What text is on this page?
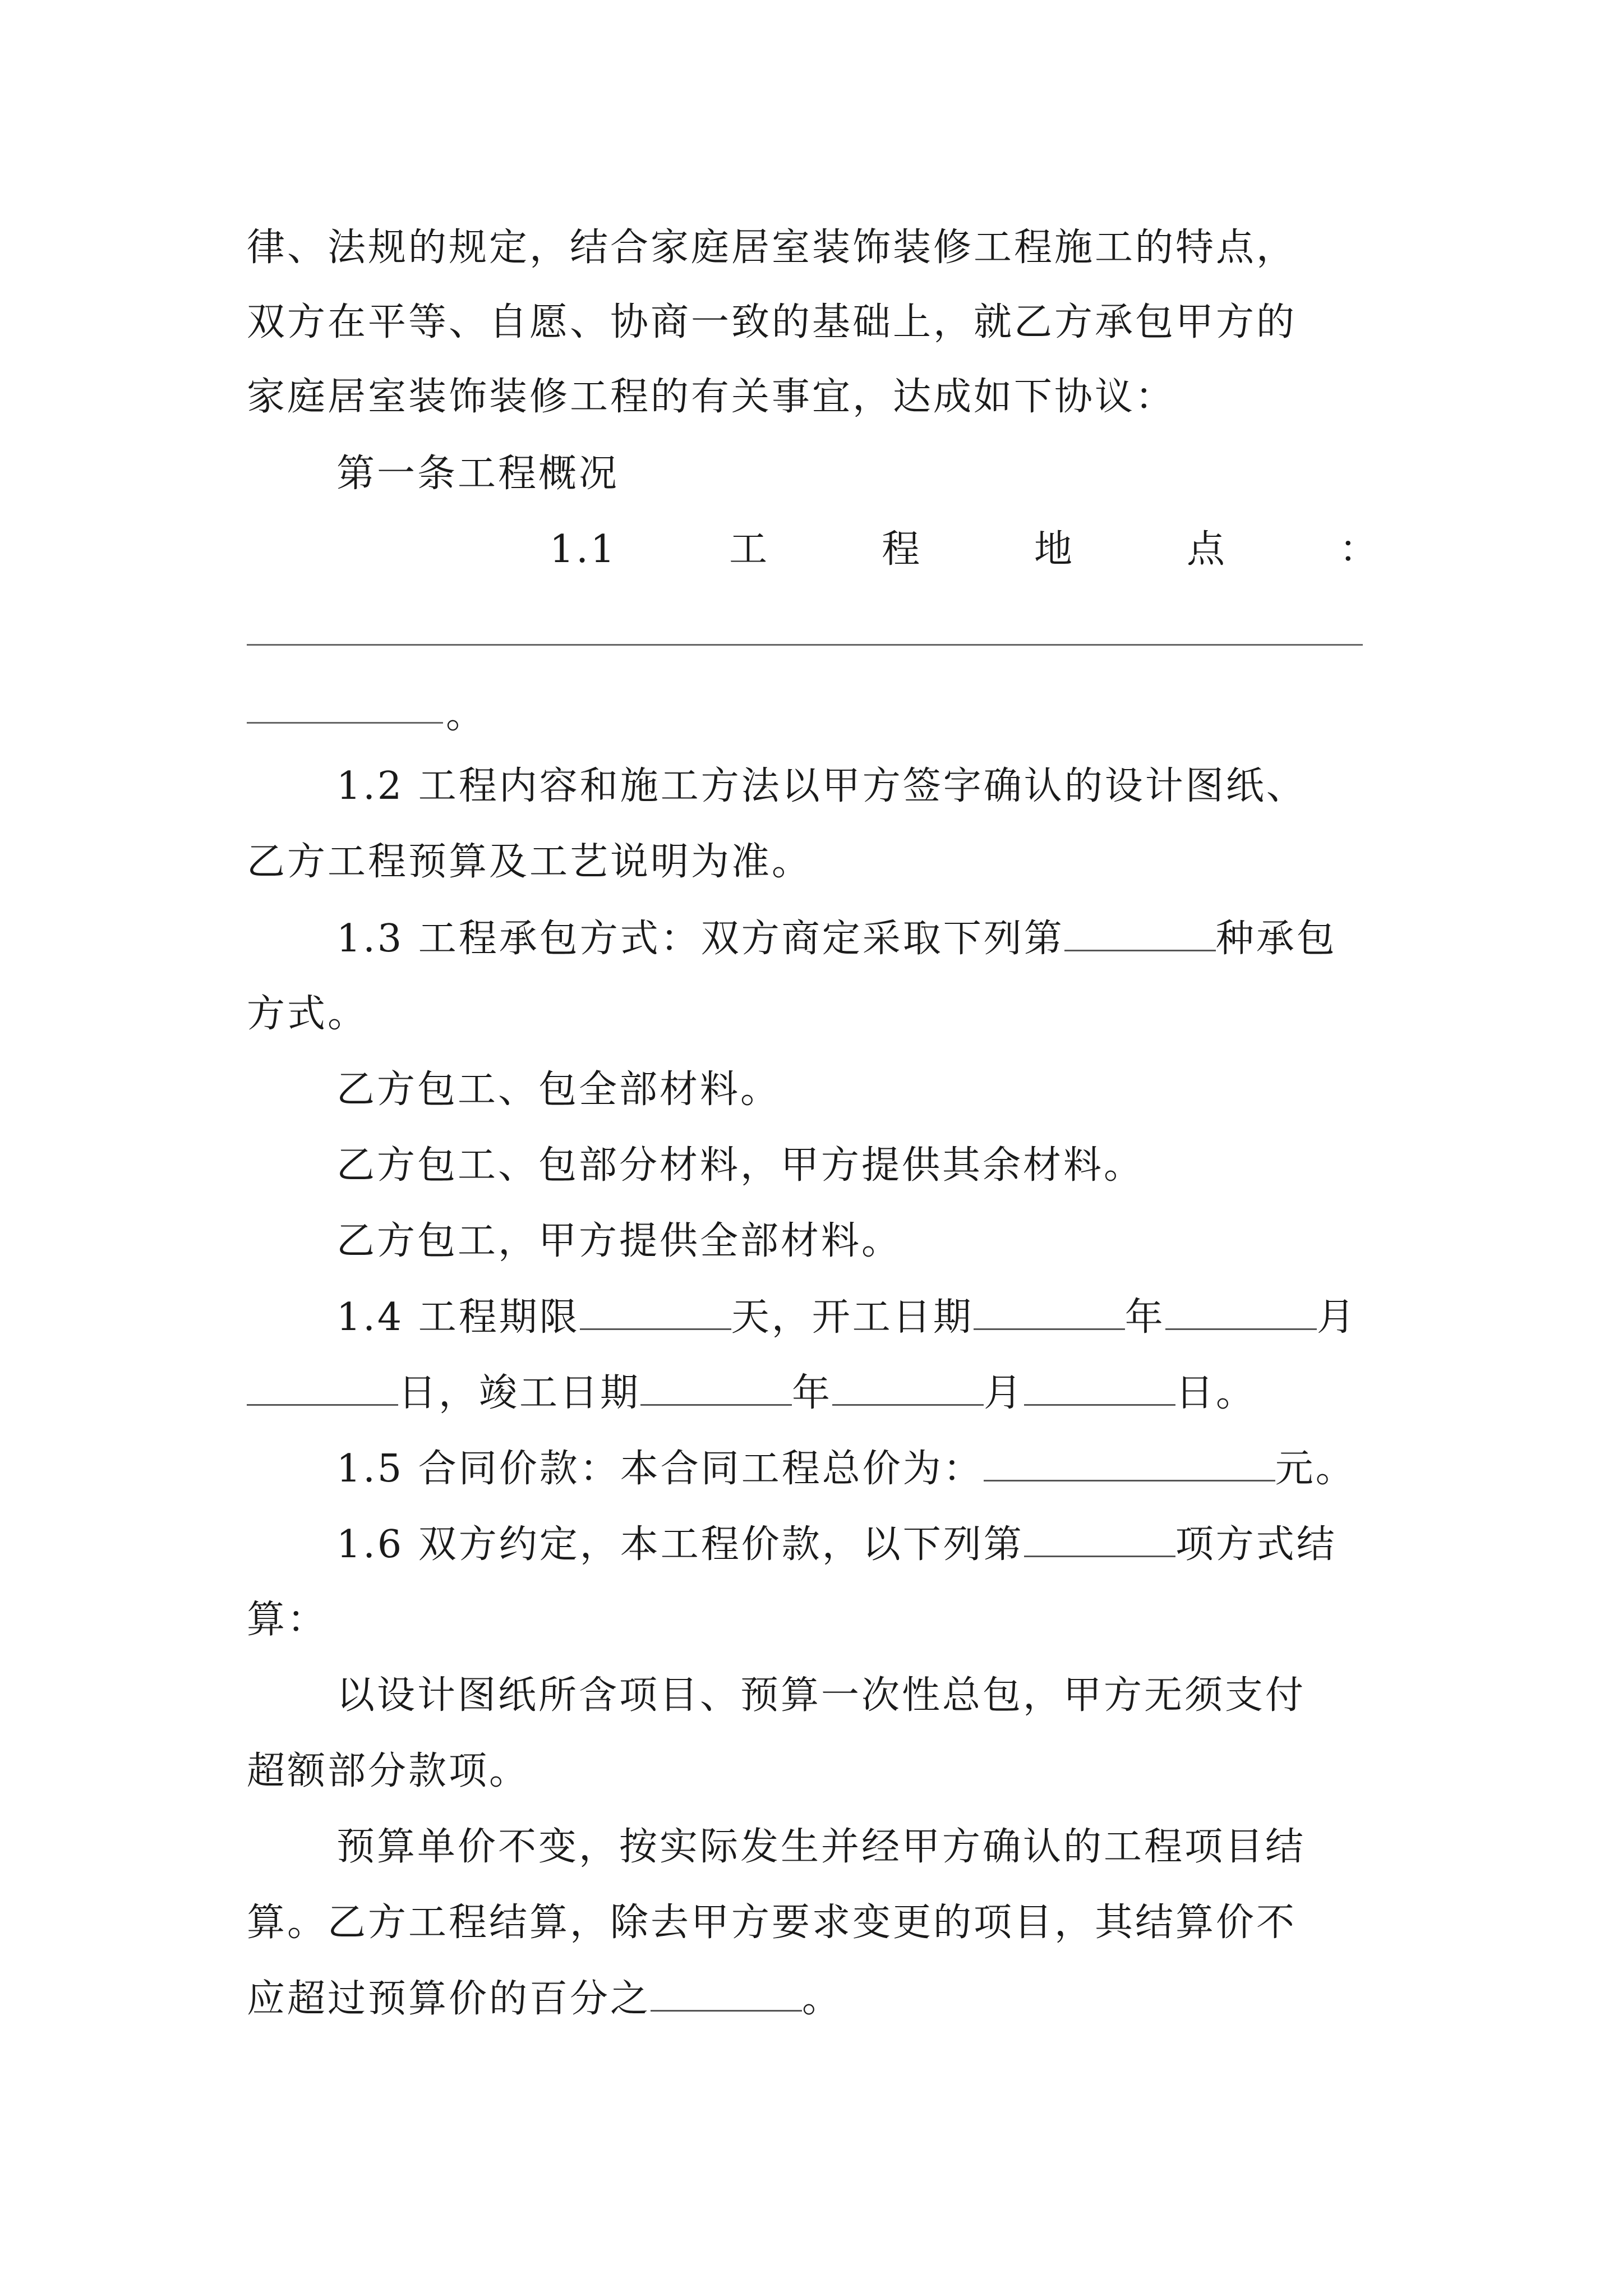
律、法规的规定，结合家庭居室装饰装修工程施工的特点，
双方在平等、自愿、协商一致的基础上，就乙方承包甲方的
家庭居室装饰装修工程的有关事宜，达成如下协议：
第一条工程概况
1.1	工	程	地	点	：
。
1.2 工程内容和施工方法以甲方签字确认的设计图纸、
乙方工程预算及工艺说明为准。
1.3 工程承包方式：双方商定采取下列第	种承包
方式。
乙方包工、包全部材料。
乙方包工、包部分材料，甲方提供其余材料。
乙方包工，甲方提供全部材料。
1.4 工程期限	天，开工日期	年	月
日，竣工日期	年	月	日。
1.5 合同价款：本合同工程总价为：	元。
1.6 双方约定，本工程价款，以下列第	项方式结
算：
以设计图纸所含项目、预算一次性总包，甲方无须支付
超额部分款项。
预算单价不变，按实际发生并经甲方确认的工程项目结
算。乙方工程结算，除去甲方要求变更的项目，其结算价不
应超过预算价的百分之	。
